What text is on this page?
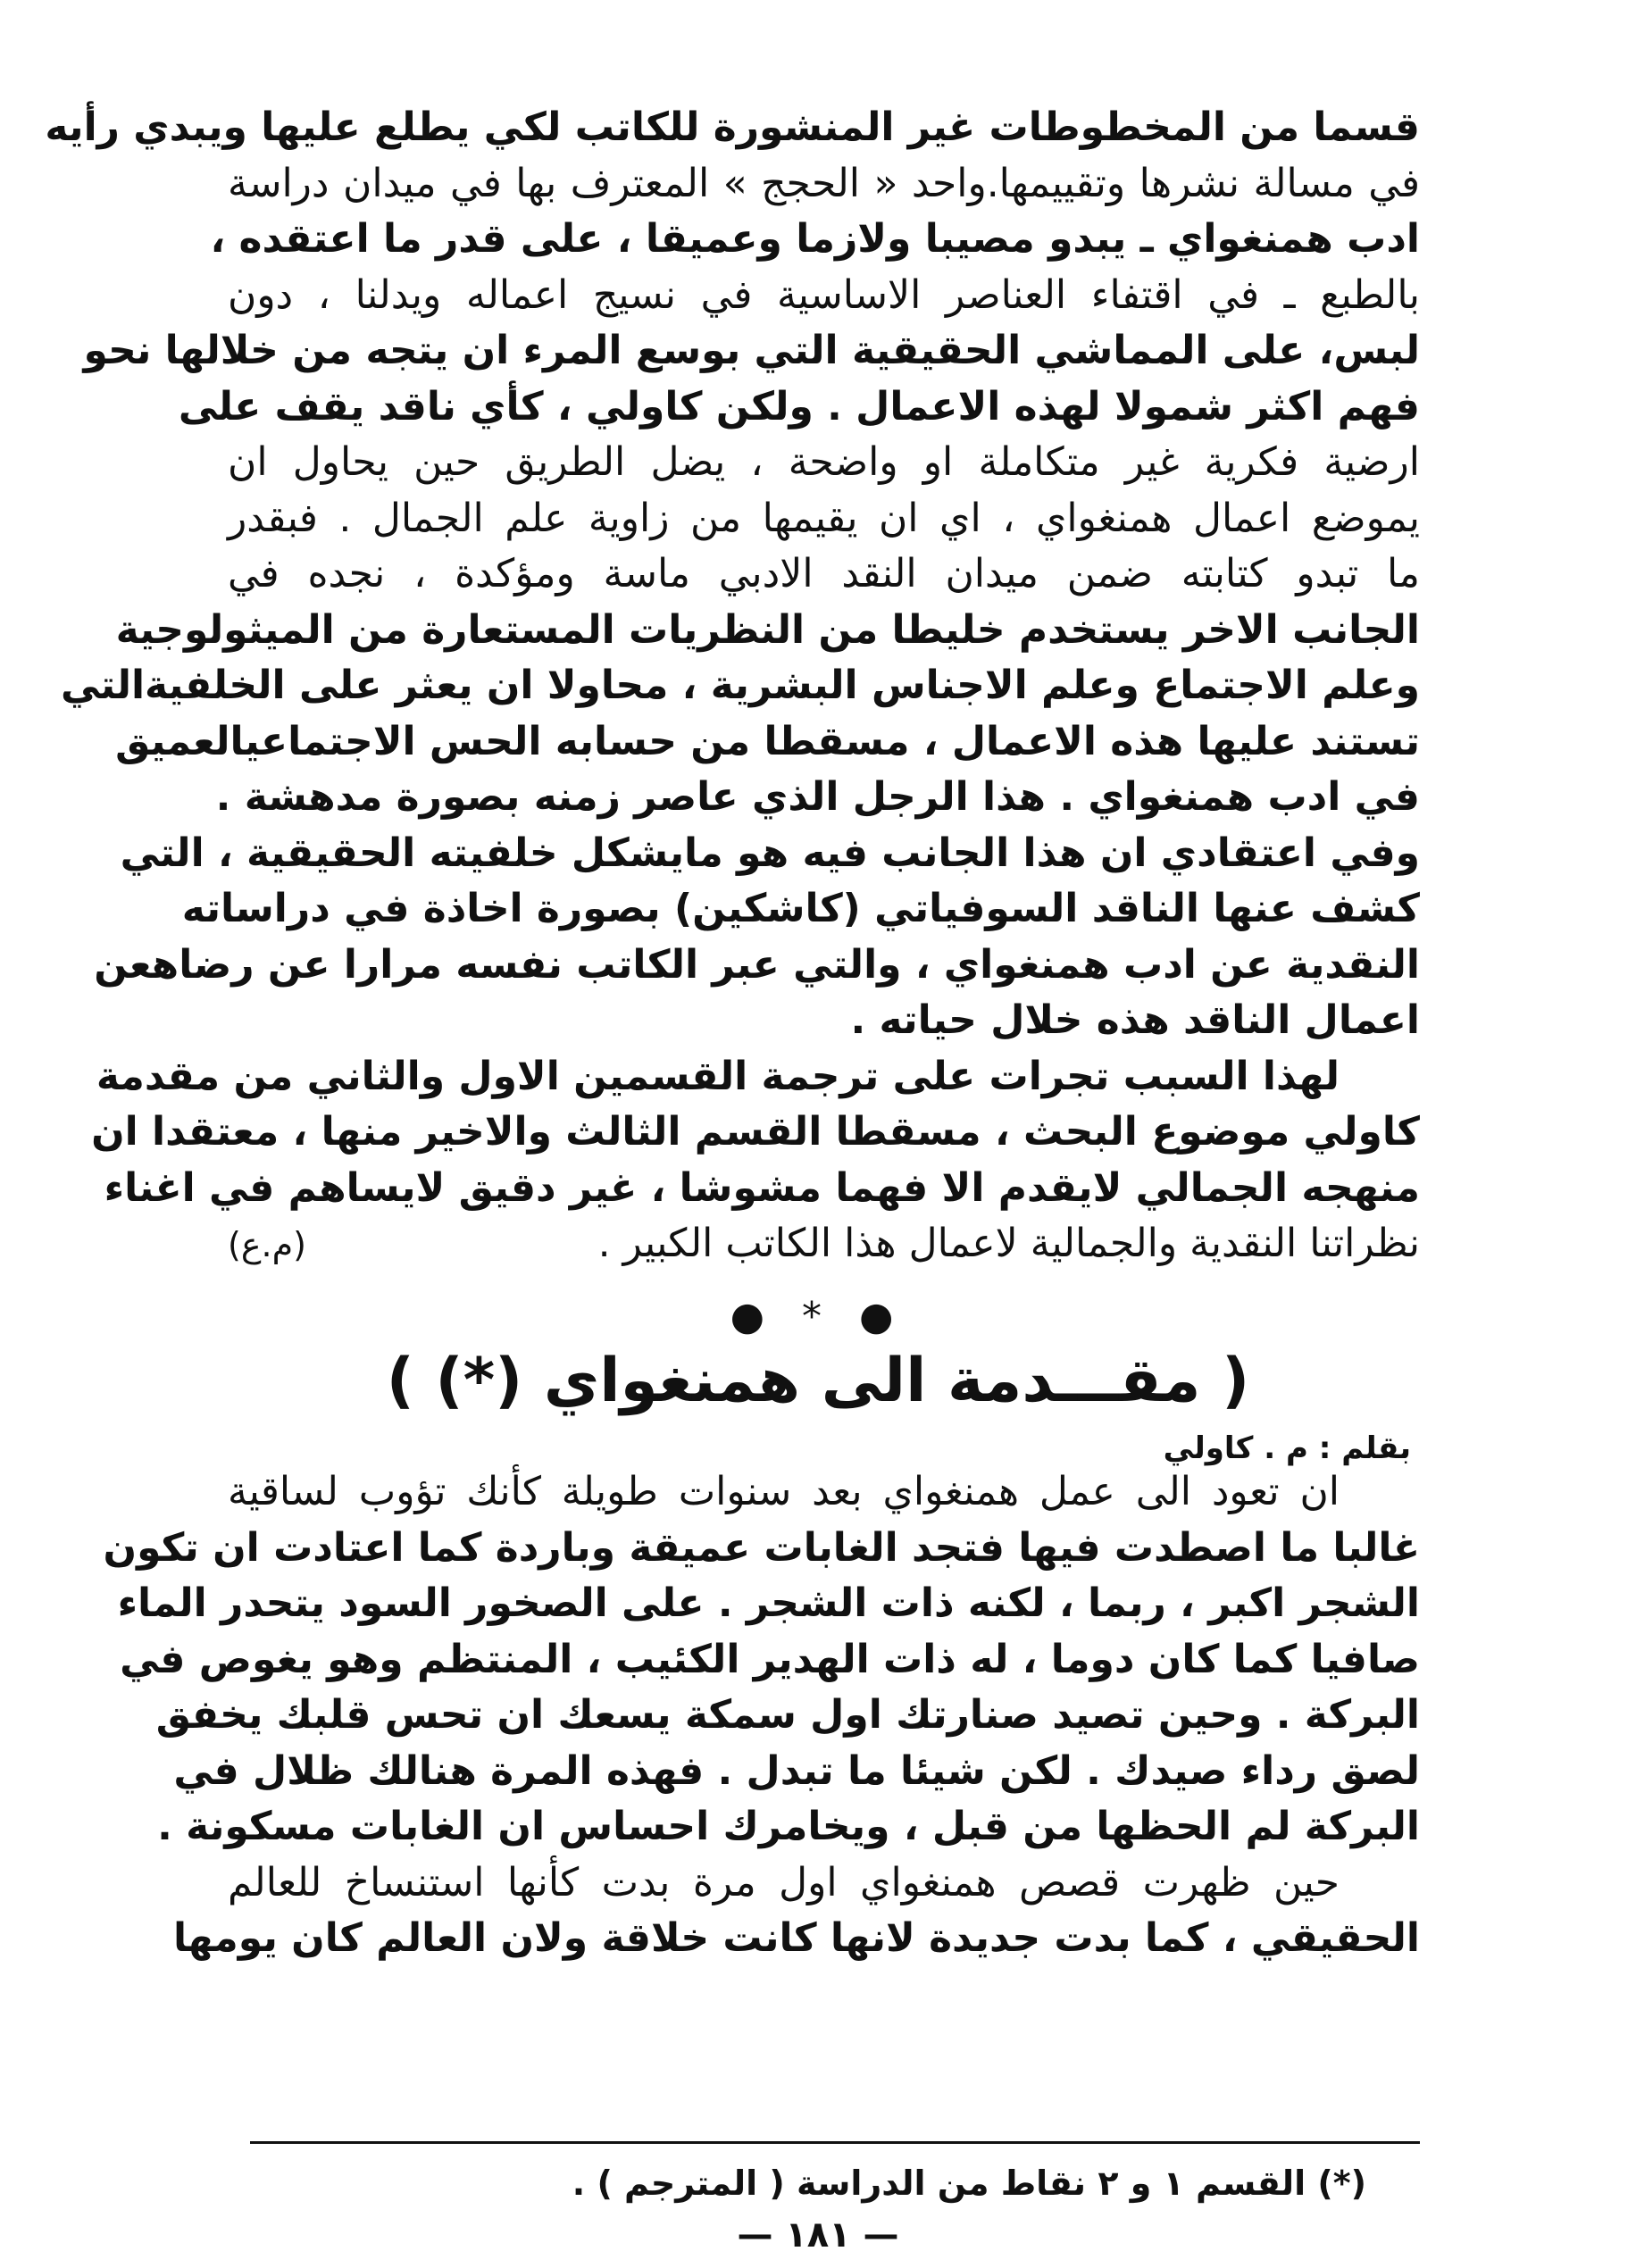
قسما من المخطوطات غير المنشورة للكاتب لكي يطلع عليها ويبدي رأيه
في مسالة نشرها وتقييمها.واحد « الحجج » المعترف بها في ميدان دراسة
ادب همنغواي ـ يبدو مصيبا ولازما وعميقا ، على قدر ما اعتقده ،
بالطبع ـ في اقتفاء العناصر الاساسية في نسيج اعماله ويدلنا ، دون
لبس، على المماشي الحقيقية التي بوسع المرء ان يتجه من خلالها نحو
فهم اكثر شمولا لهذه الاعمال . ولكن كاولي ، كأي ناقد يقف على
ارضية فكرية غير متكاملة او واضحة ، يضل الطريق حين يحاول ان
يموضع اعمال همنغواي ، اي ان يقيمها من زاوية علم الجمال . فبقدر
ما تبدو كتابته ضمن ميدان النقد الادبي ماسة ومؤكدة ، نجده في
الجانب الاخر يستخدم خليطا من النظريات المستعارة من الميثولوجية
وعلم الاجتماع وعلم الاجناس البشرية ، محاولا ان يعثر على الخلفيةالتي
تستند عليها هذه الاعمال ، مسقطا من حسابه الحس الاجتماعيالعميق
في ادب همنغواي . هذا الرجل الذي عاصر زمنه بصورة مدهشة .
وفي اعتقادي ان هذا الجانب فيه هو مايشكل خلفيته الحقيقية ، التي
كشف عنها الناقد السوفياتي (كاشكين) بصورة اخاذة في دراساته
النقدية عن ادب همنغواي ، والتي عبر الكاتب نفسه مرارا عن رضاهعن
اعمال الناقد هذه خلال حياته .
لهذا السبب تجرات على ترجمة القسمين الاول والثاني من مقدمة
كاولي موضوع البحث ، مسقطا القسم الثالث والاخير منها ، معتقدا ان
منهجه الجمالي لايقدم الا فهما مشوشا ، غير دقيق لايساهم في اغناء
نظراتنا النقدية والجمالية لاعمال هذا الكاتب الكبير .
(م.ع)
● * ●
( مقـــدمة الى همنغواي (*) )
بقلم : م . كاولي
ان تعود الى عمل همنغواي بعد سنوات طويلة كأنك تؤوب لساقية
غالبا ما اصطدت فيها فتجد الغابات عميقة وباردة كما اعتادت ان تكون
الشجر اكبر ، ربما ، لكنه ذات الشجر . على الصخور السود يتحدر الماء
صافيا كما كان دوما ، له ذات الهدير الكئيب ، المنتظم وهو يغوص في
البركة . وحين تصيد صنارتك اول سمكة يسعك ان تحس قلبك يخفق
لصق رداء صيدك . لكن شيئا ما تبدل . فهذه المرة هنالك ظلال في
البركة لم الحظها من قبل ، ويخامرك احساس ان الغابات مسكونة .
حين ظهرت قصص همنغواي اول مرة بدت كأنها استنساخ للعالم
الحقيقي ، كما بدت جديدة لانها كانت خلاقة ولان العالم كان يومها
(*) القسم ١ و ٢ نقاط من الدراسة ( المترجم ) .
— ١٨١ —
